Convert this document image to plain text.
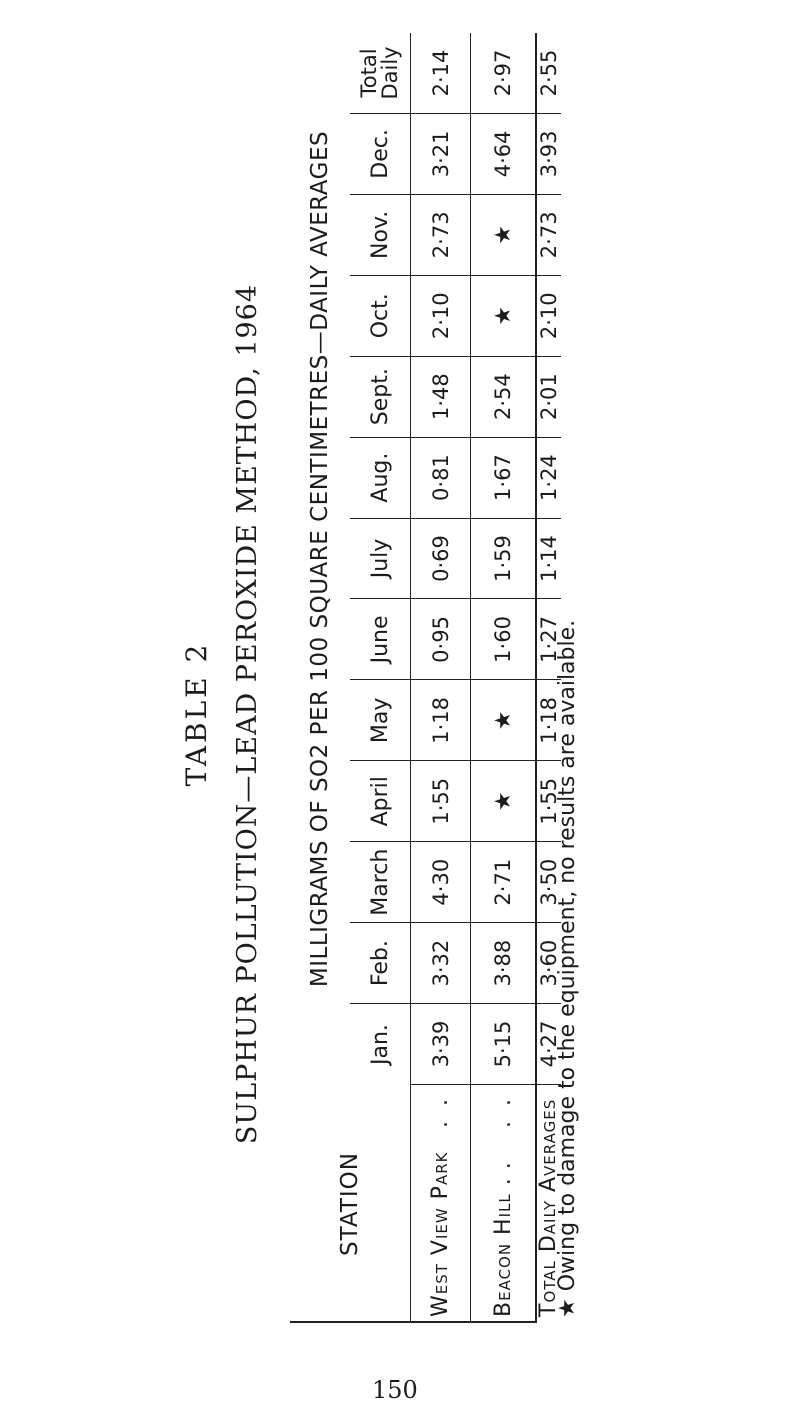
TABLE 2 SULPHUR POLLUTION—LEAD PEROXIDE METHOD, 1964
STATION
MILLIGRAMS OF SO2 PER 100 SQUARE CENTIMETRES—DAILY AVERAGES
Jan.
Feb.
March
April
May
June
July
Aug.
Sept.
Oct.
Nov.
Dec.
Total
Daily
West View Park
. .
3·39
3·32
4·30
1·55
1·18
0·95
0·69
0·81
1·48
2·10
2·73
3·21
2·14
Beacon Hill . .
. .
5·15
3·88
2·71
★
★
1·60
1·59
1·67
2·54
★
★
4·64
2·97
Total Daily Averages
4·27
3·60
3·50
1·55
1·18
1·27
1·14
1·24
2·01
2·10
2·73
3·93
2·55
★ Owing to damage to the equipment, no results are available.
150
